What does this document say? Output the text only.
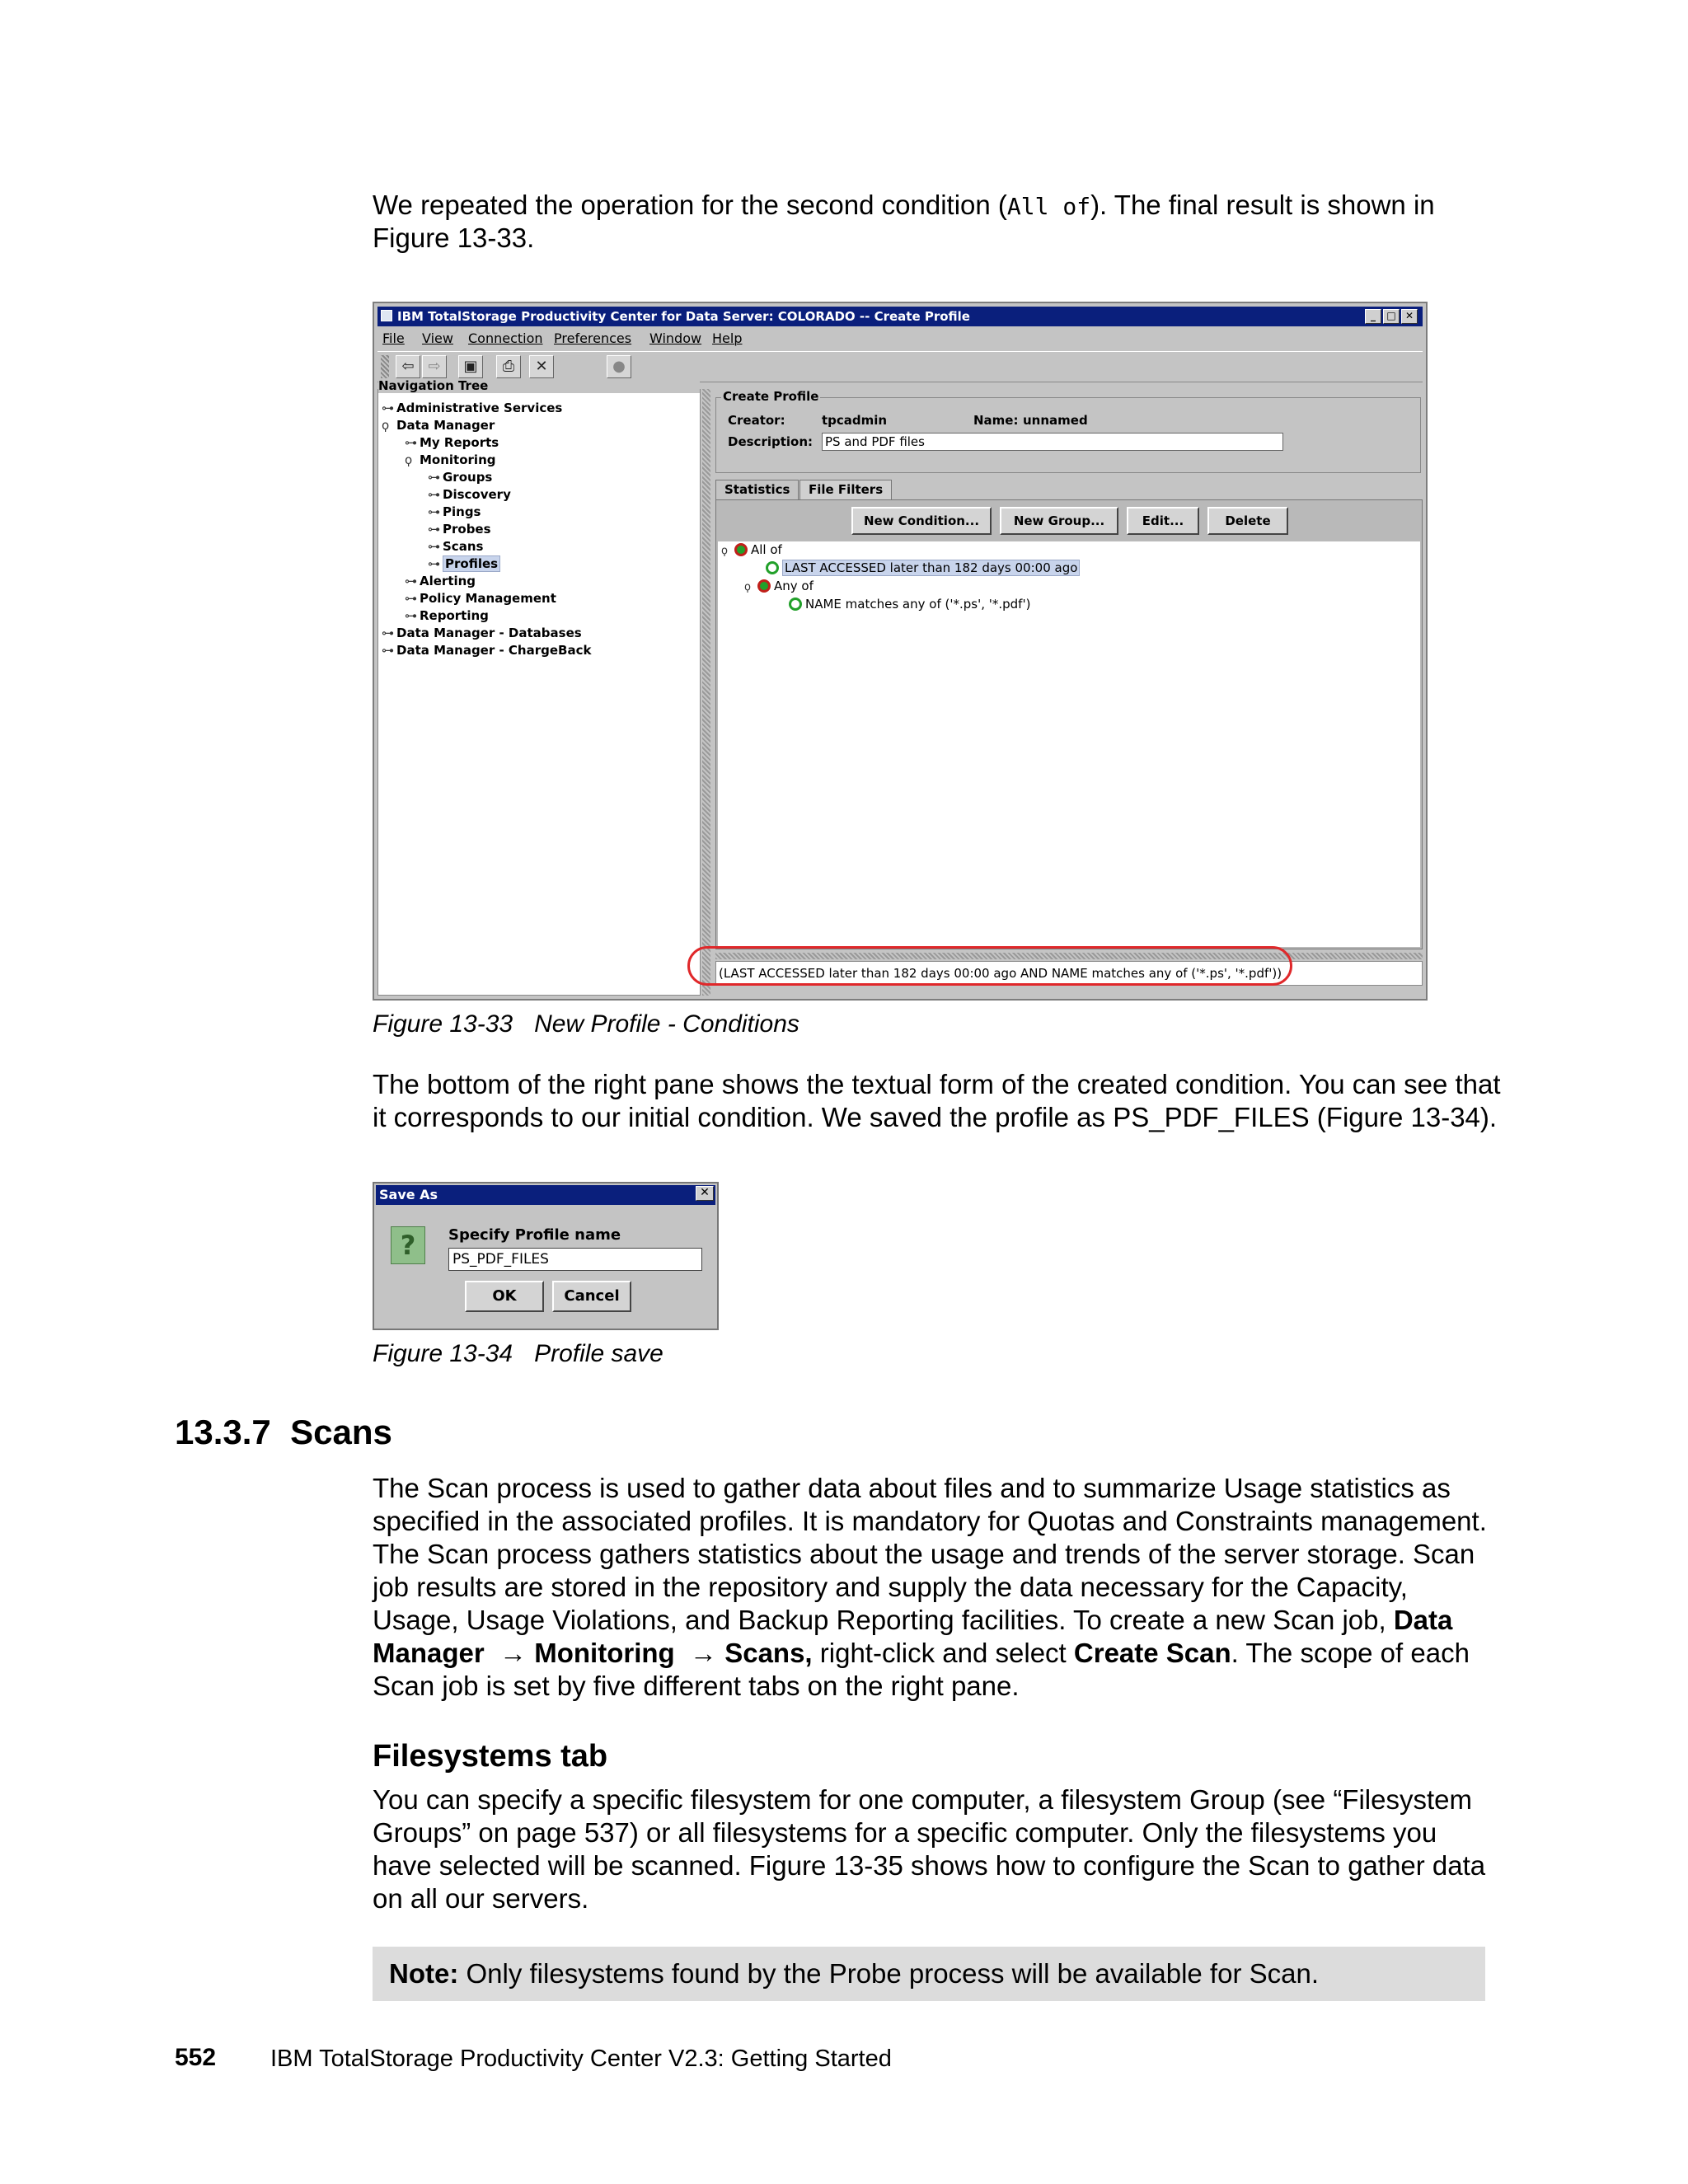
We repeated the operation for the second condition (All of). The final result is shown in
Figure 13-33.
IBM TotalStorage Productivity Center for Data Server: COLORADO -- Create Profile	_	□ ✕
File View Connection Preferences Window Help
⇦ ⇨	▣	⎙	✕	●
Navigation Tree
⊶ Administrative Services
ϙ Data Manager
⊶ My Reports
ϙ Monitoring
⊶ Groups
⊶ Discovery
⊶ Pings
⊶ Probes
⊶ Scans
⊶ Profiles
⊶ Alerting
⊶ Policy Management
⊶ Reporting
⊶ Data Manager - Databases
⊶ Data Manager - ChargeBack
Create Profile
Creator:	tpcadmin	Name: unnamed
Description: PS and PDF files
Statistics	File Filters
New Condition...	New Group...	Edit...	Delete
ϙ All of
LAST ACCESSED later than 182 days 00:00 ago
ϙ Any of
NAME matches any of ('*.ps', '*.pdf')
(LAST ACCESSED later than 182 days 00:00 ago AND NAME matches any of ('*.ps', '*.pdf'))
Figure 13-33 New Profile - Conditions
The bottom of the right pane shows the textual form of the created condition. You can see that
it corresponds to our initial condition. We saved the profile as PS_PDF_FILES (Figure 13-34).
Save As	✕
?	Specify Profile name
PS_PDF_FILES
OK	Cancel
Figure 13-34 Profile save
13.3.7 Scans
The Scan process is used to gather data about files and to summarize Usage statistics as
specified in the associated profiles. It is mandatory for Quotas and Constraints management.
The Scan process gathers statistics about the usage and trends of the server storage. Scan
job results are stored in the repository and supply the data necessary for the Capacity,
Usage, Usage Violations, and Backup Reporting facilities. To create a new Scan job, Data
Manager → Monitoring → Scans, right-click and select Create Scan. The scope of each
Scan job is set by five different tabs on the right pane.
Filesystems tab
You can specify a specific filesystem for one computer, a filesystem Group (see “Filesystem
Groups” on page 537) or all filesystems for a specific computer. Only the filesystems you
have selected will be scanned. Figure 13-35 shows how to configure the Scan to gather data
on all our servers.
Note: Only filesystems found by the Probe process will be available for Scan.
552 IBM TotalStorage Productivity Center V2.3: Getting Started
